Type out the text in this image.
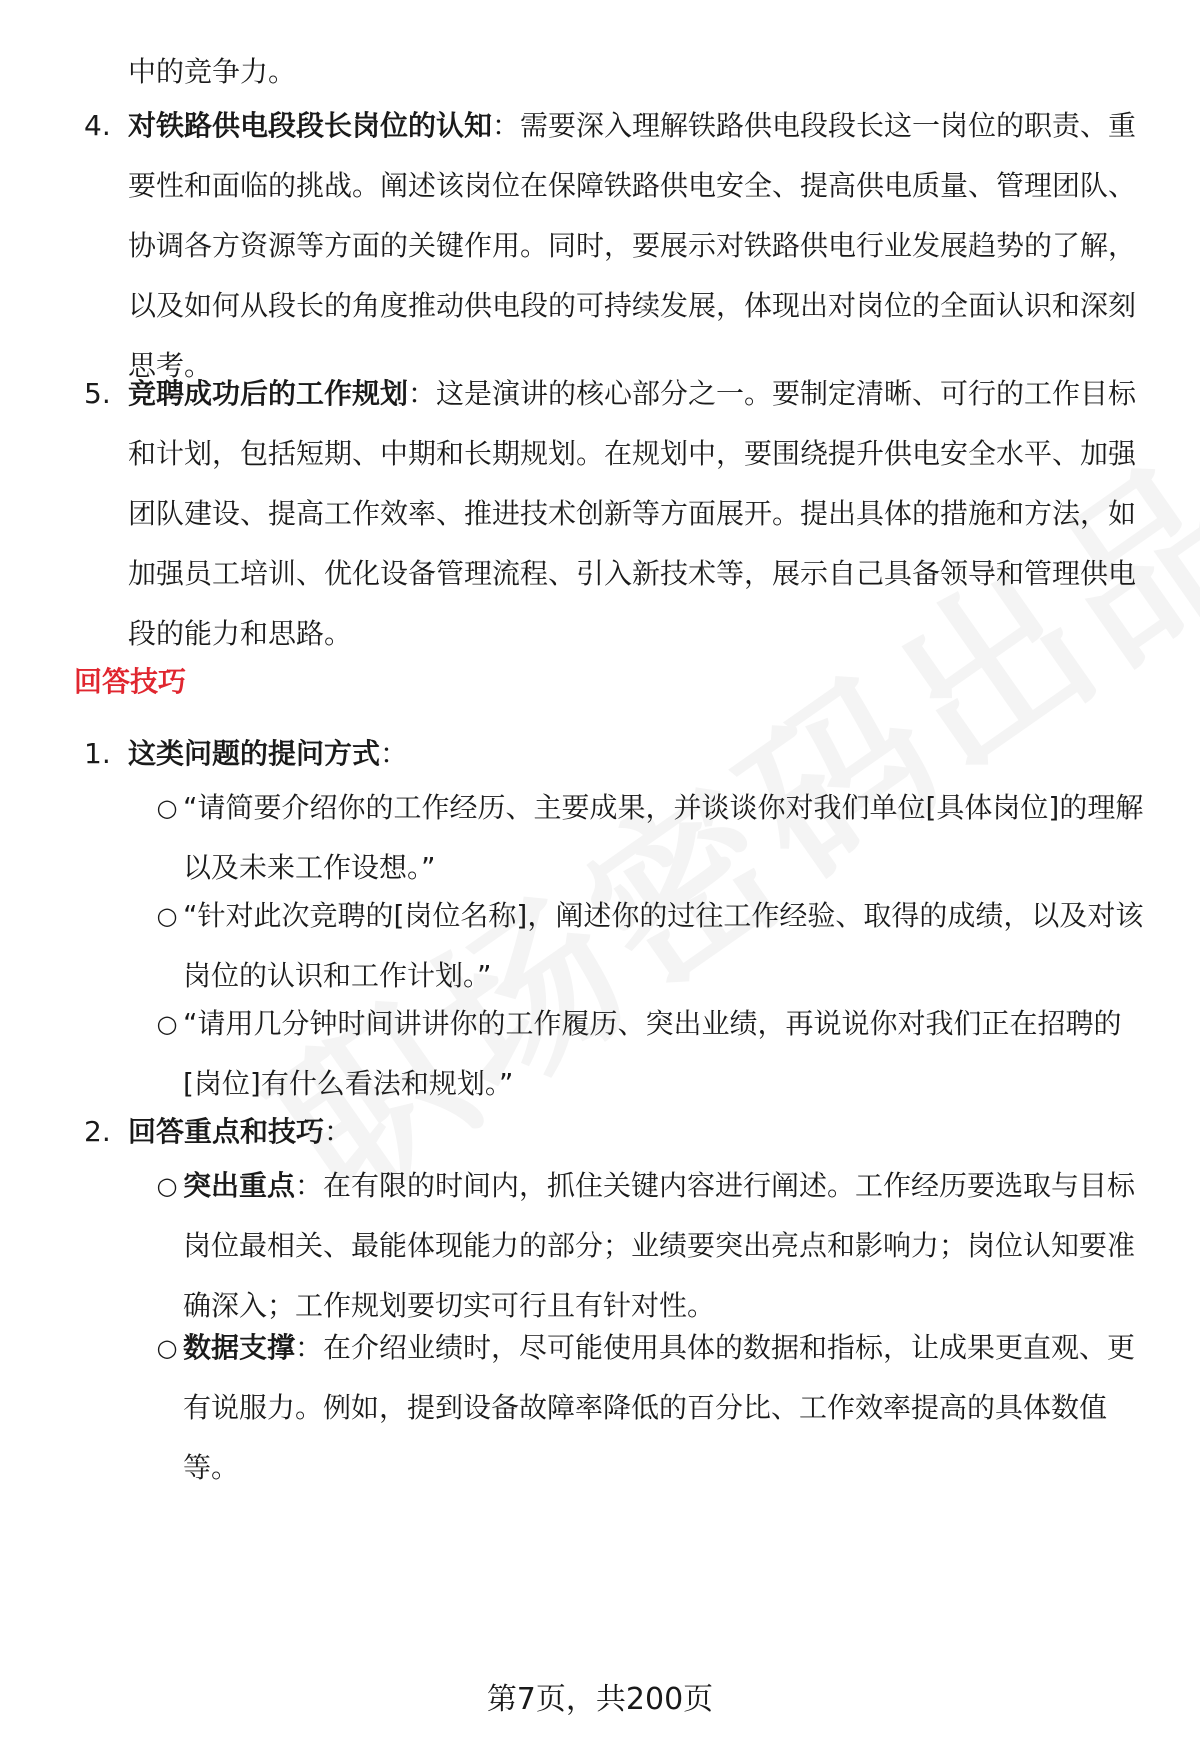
中的竞争力。

4. 对铁路供电段段长岗位的认知：需要深入理解铁路供电段段长这一岗位的职责、重要性和面临的挑战。阐述该岗位在保障铁路供电安全、提高供电质量、管理团队、协调各方资源等方面的关键作用。同时，要展示对铁路供电行业发展趋势的了解，以及如何从段长的角度推动供电段的可持续发展，体现出对岗位的全面认识和深刻思考。

5. 竞聘成功后的工作规划：这是演讲的核心部分之一。要制定清晰、可行的工作目标和计划，包括短期、中期和长期规划。在规划中，要围绕提升供电安全水平、加强团队建设、提高工作效率、推进技术创新等方面展开。提出具体的措施和方法，如加强员工培训、优化设备管理流程、引入新技术等，展示自己具备领导和管理供电段的能力和思路。

回答技巧
1. 这类问题的提问方式：

○ “请简要介绍你的工作经历、主要成果，并谈谈你对我们单位[具体岗位]的理解以及未来工作设想。”

○ “针对此次竞聘的[岗位名称]，阐述你的过往工作经验、取得的成绩，以及对该岗位的认识和工作计划。”

○ “请用几分钟时间讲讲你的工作履历、突出业绩，再说说你对我们正在招聘的[岗位]有什么看法和规划。”

2. 回答重点和技巧：

○ 突出重点：在有限的时间内，抓住关键内容进行阐述。工作经历要选取与目标岗位最相关、最能体现能力的部分；业绩要突出亮点和影响力；岗位认知要准确深入；工作规划要切实可行且有针对性。

○ 数据支撑：在介绍业绩时，尽可能使用具体的数据和指标，让成果更直观、更有说服力。例如，提到设备故障率降低的百分比、工作效率提高的具体数值等。

第7页，共200页
